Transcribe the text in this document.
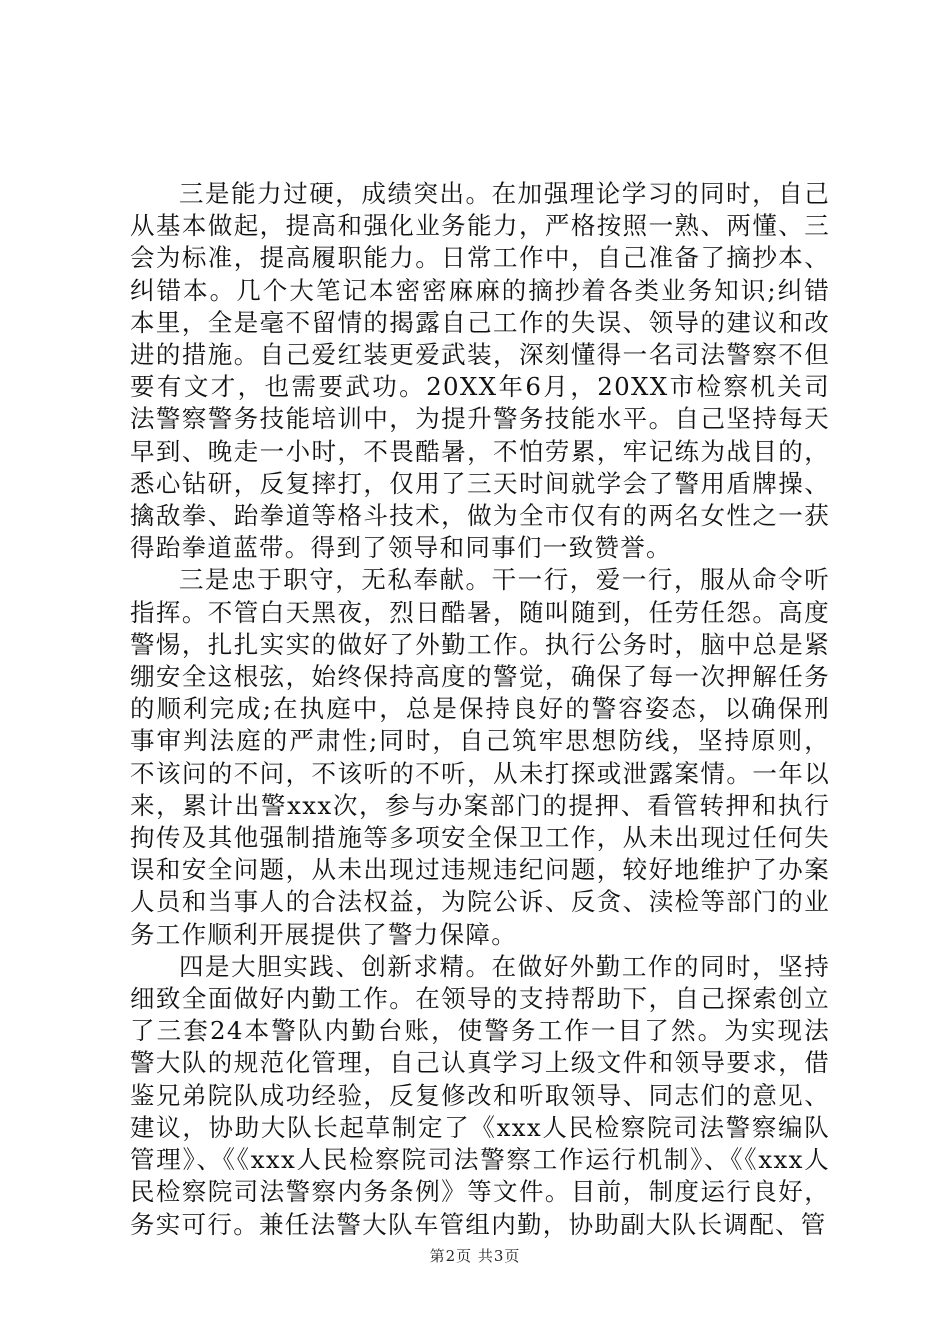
三是能力过硬，成绩突出。在加强理论学习的同时，自己从基本做起，提高和强化业务能力，严格按照一熟、两懂、三会为标准，提高履职能力。日常工作中，自己准备了摘抄本、纠错本。几个大笔记本密密麻麻的摘抄着各类业务知识;纠错本里，全是毫不留情的揭露自己工作的失误、领导的建议和改进的措施。自己爱红装更爱武装，深刻懂得一名司法警察不但要有文才，也需要武功。20XX年6月，20XX市检察机关司法警察警务技能培训中，为提升警务技能水平。自己坚持每天早到、晚走一小时，不畏酷暑，不怕劳累，牢记练为战目的，悉心钻研，反复摔打，仅用了三天时间就学会了警用盾牌操、擒敌拳、跆拳道等格斗技术，做为全市仅有的两名女性之一获得跆拳道蓝带。得到了领导和同事们一致赞誉。

三是忠于职守，无私奉献。干一行，爱一行，服从命令听指挥。不管白天黑夜，烈日酷暑，随叫随到，任劳任怨。高度警惕，扎扎实实的做好了外勤工作。执行公务时，脑中总是紧绷安全这根弦，始终保持高度的警觉，确保了每一次押解任务的顺利完成;在执庭中，总是保持良好的警容姿态，以确保刑事审判法庭的严肃性;同时，自己筑牢思想防线，坚持原则，不该问的不问，不该听的不听，从未打探或泄露案情。一年以来，累计出警xxx次，参与办案部门的提押、看管转押和执行拘传及其他强制措施等多项安全保卫工作，从未出现过任何失误和安全问题，从未出现过违规违纪问题，较好地维护了办案人员和当事人的合法权益，为院公诉、反贪、渎检等部门的业务工作顺利开展提供了警力保障。

四是大胆实践、创新求精。在做好外勤工作的同时，坚持细致全面做好内勤工作。在领导的支持帮助下，自己探索创立了三套24本警队内勤台账，使警务工作一目了然。为实现法警大队的规范化管理，自己认真学习上级文件和领导要求，借鉴兄弟院队成功经验，反复修改和听取领导、同志们的意见、建议，协助大队长起草制定了《xxx人民检察院司法警察编队管理》、《《xxx人民检察院司法警察工作运行机制》、《《xxx人民检察院司法警察内务条例》等文件。目前，制度运行良好，务实可行。兼任法警大队车管组内勤，协助副大队长调配、管

第2页 共3页
